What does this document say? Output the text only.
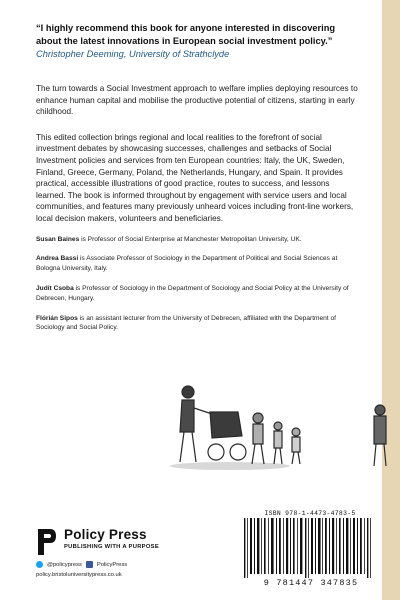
“I highly recommend this book for anyone interested in discovering about the latest innovations in European social investment policy.”

Christopher Deeming, University of Strathclyde

The turn towards a Social Investment approach to welfare implies deploying resources to enhance human capital and mobilise the productive potential of citizens, starting in early childhood.

This edited collection brings regional and local realities to the forefront of social investment debates by showcasing successes, challenges and setbacks of Social Investment policies and services from ten European countries: Italy, the UK, Sweden, Finland, Greece, Germany, Poland, the Netherlands, Hungary, and Spain. It provides practical, accessible illustrations of good practice, routes to success, and lessons learned. The book is informed throughout by engagement with service users and local communities, and features many previously unheard voices including front-line workers, local decision makers, volunteers and beneficiaries.

Susan Baines is Professor of Social Enterprise at Manchester Metropolitan University, UK.

Andrea Bassi is Associate Professor of Sociology in the Department of Political and Social Sciences at Bologna University, Italy.

Judit Csoba is Professor of Sociology in the Department of Sociology and Social Policy at the University of Debrecen, Hungary.

Flórián Sipos is an assistant lecturer from the University of Debrecen, affiliated with the Department of Sociology and Social Policy.

ISBN 978-1-4473-4783-5
9 781447 347835
Policy Press
PUBLISHING WITH A PURPOSE
@policypress	PolicyPress
policy.bristoluniversitypress.co.uk
